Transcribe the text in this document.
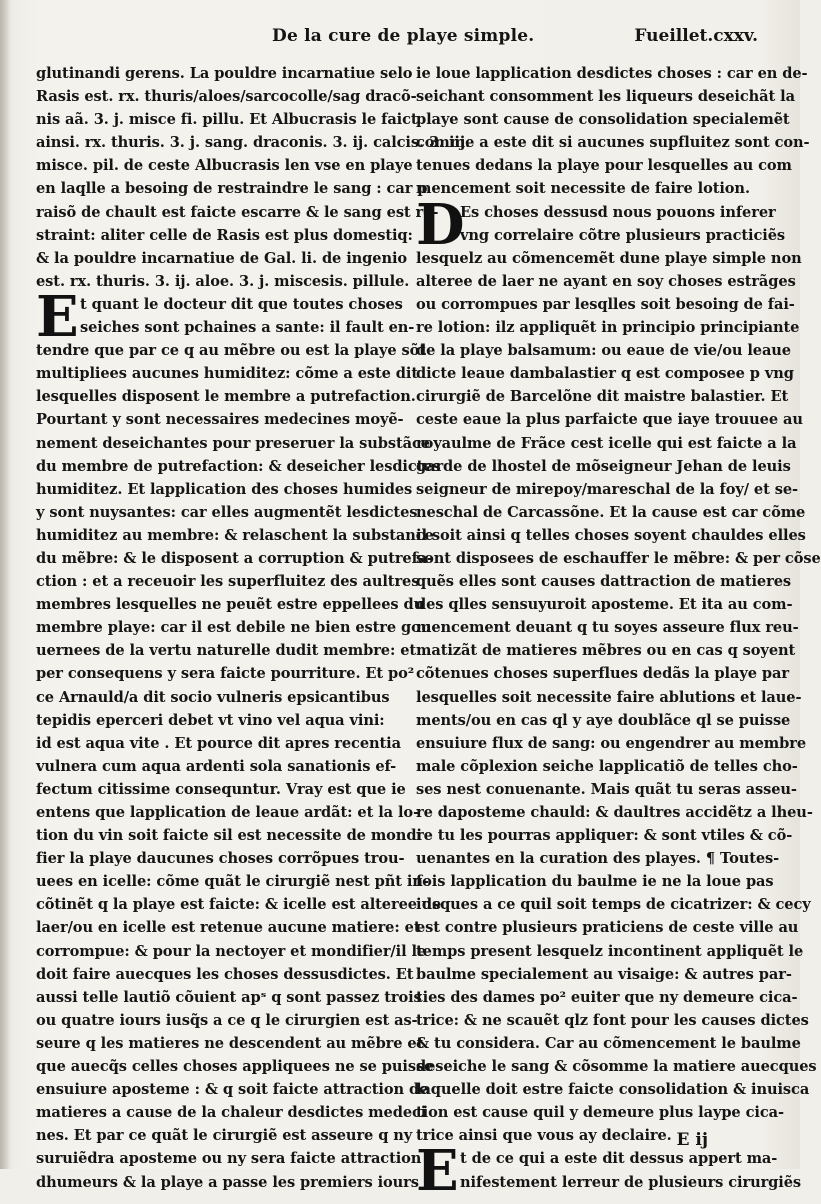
De la cure de playe simple.	Fueillet.cxxv.
glutinandi gerens. La pouldre incarnatiue selo
Rasis est. rx. thuris/aloes/sarcocolle/sag dracõ-
nis aã. 3. j. misce fi. pillu. Et Albucrasis le faict
ainsi. rx. thuris. 3. j. sang. draconis. 3. ij. calcis. 3. iij.
misce. pil. de ceste Albucrasis len vse en playe
en laqlle a besoing de restraindre le sang : car p
raisõ de chault est faicte escarre & le sang est re-
straint: aliter celle de Rasis est plus domestiq:
& la pouldre incarnatiue de Gal. li. de ingenio
est. rx. thuris. 3. ij. aloe. 3. j. miscesis. pillule.
E t quant le docteur dit que toutes choses
seiches sont pchaines a sante: il fault en-
tendre que par ce q au mẽbre ou est la playe sõt
multipliees aucunes humiditez: cõme a este dit
lesquelles disposent le membre a putrefaction.
Pourtant y sont necessaires medecines moyẽ-
nement deseichantes pour preseruer la substãce
du membre de putrefaction: & deseicher lesdictes
humiditez. Et lapplication des choses humides
y sont nuysantes: car elles augmentẽt lesdictes
humiditez au membre: & relaschent la substance
du mẽbre: & le disposent a corruption & putrefa-
ction : et a receuoir les superfluitez des aultres
membres lesquelles ne peuẽt estre eppellees du
membre playe: car il est debile ne bien estre gou
uernees de la vertu naturelle dudit membre: et
per consequens y sera faicte pourriture. Et po²
ce Arnauld/a dit socio vulneris epsicantibus
tepidis eperceri debet vt vino vel aqua vini:
id est aqua vite . Et pource dit apres recentia
vulnera cum aqua ardenti sola sanationis ef-
fectum citissime consequntur. Vray est que ie
entens que lapplication de leaue ardãt: et la lo-
tion du vin soit faicte sil est necessite de mondi
fier la playe daucunes choses corrõpues trou-
uees en icelle: cõme quãt le cirurgiẽ nest pñt in-
cõtinẽt q la playe est faicte: & icelle est alteree de
laer/ou en icelle est retenue aucune matiere: et
corrompue: & pour la nectoyer et mondifier/il le
doit faire auecques les choses dessusdictes. Et
aussi telle lautiõ cõuient apˢ q sont passez trois
ou quatre iours iusq̃s a ce q le cirurgien est as-
seure q les matieres ne descendent au mẽbre et
que auecq̃s celles choses appliquees ne se puisse
ensuiure aposteme : & q soit faicte attraction de
matieres a cause de la chaleur desdictes medeci
nes. Et par ce quãt le cirurgiẽ est asseure q ny
suruiẽdra aposteme ou ny sera faicte attraction
dhumeurs & la playe a passe les premiers iours
ie loue lapplication desdictes choses : car en de-
seichant consomment les liqueurs deseichãt la
playe sont cause de consolidation specialemẽt
comme a este dit si aucunes supfluitez sont con-
tenues dedans la playe pour lesquelles au com
mencement soit necessite de faire lotion.
D
Es choses dessusd nous pouons inferer
vng correlaire cõtre plusieurs practiciẽs
lesquelz au cõmencemẽt dune playe simple non
alteree de laer ne ayant en soy choses estrãges
ou corrompues par lesqlles soit besoing de fai-
re lotion: ilz appliquẽt in principio principiante
de la playe balsamum: ou eaue de vie/ou leaue
dicte leaue dambalastier q est composee p vng
cirurgiẽ de Barcelõne dit maistre balastier. Et
ceste eaue la plus parfaicte que iaye trouuee au
royaulme de Frãce cest icelle qui est faicte a la
garde de lhostel de mõseigneur Jehan de leuis
seigneur de mirepoy/mareschal de la foy/ et se-
neschal de Carcassõne. Et la cause est car cõme
il soit ainsi q telles choses soyent chauldes elles
sont disposees de eschauffer le mẽbre: & per cõse
quẽs elles sont causes dattraction de matieres
des qlles sensuyuroit aposteme. Et ita au com-
mencement deuant q tu soyes asseure flux reu-
matizãt de matieres mẽbres ou en cas q soyent
cõtenues choses superflues dedãs la playe par
lesquelles soit necessite faire ablutions et laue-
ments/ou en cas ql y aye doublãce ql se puisse
ensuiure flux de sang: ou engendrer au membre
male cõplexion seiche lapplicatiõ de telles cho-
ses nest conuenante. Mais quãt tu seras asseu-
re daposteme chauld: & daultres accidẽtz a lheu-
re tu les pourras appliquer: & sont vtiles & cõ-
uenantes en la curation des playes. ¶ Toutes-
fois lapplication du baulme ie ne la loue pas
iusques a ce quil soit temps de cicatrizer: & cecy
est contre plusieurs praticiens de ceste ville au
temps present lesquelz incontinent appliquẽt le
baulme specialement au visaige: & autres par-
ties des dames po² euiter que ny demeure cica-
trice: & ne scauẽt qlz font pour les causes dictes
& tu considera. Car au cõmencement le baulme
deseiche le sang & cõsomme la matiere auecques
laquelle doit estre faicte consolidation & inuisca
tion est cause quil y demeure plus laype cica-
trice ainsi que vous ay declaire.
E t de ce qui a este dit dessus appert ma-
nifestement lerreur de plusieurs cirurgiẽs
E ij
